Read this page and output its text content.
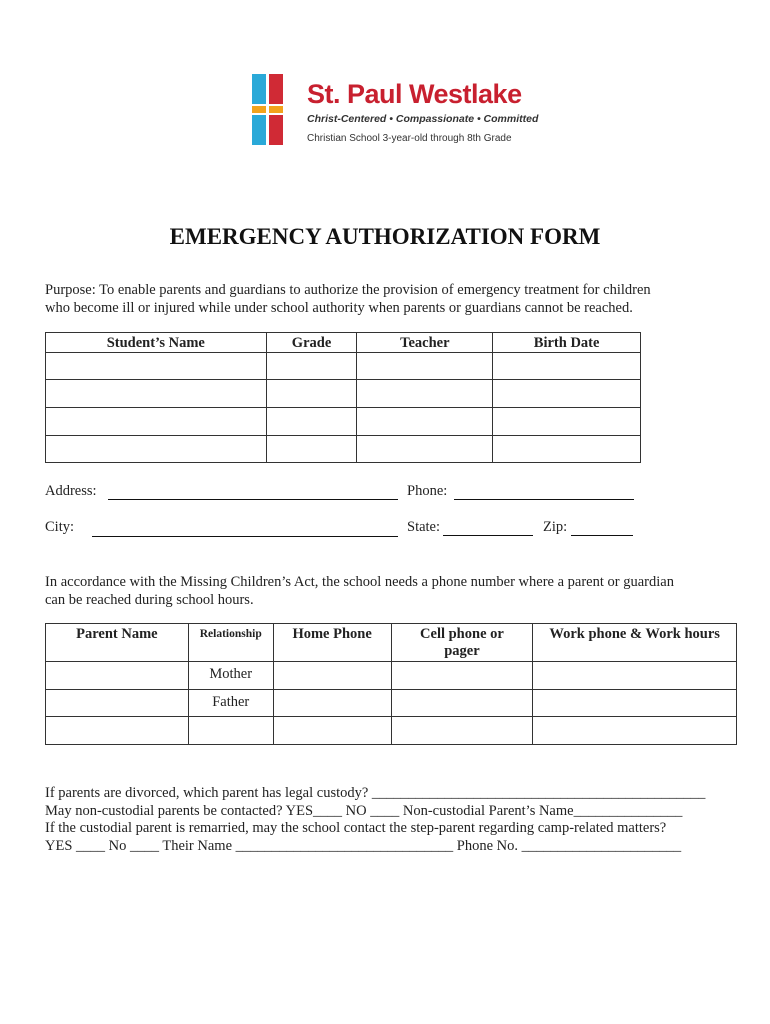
St. Paul Westlake
Christ-Centered • Compassionate • Committed
Christian School 3-year-old through 8th Grade
EMERGENCY AUTHORIZATION FORM
Purpose: To enable parents and guardians to authorize the provision of emergency treatment for children
who become ill or injured while under school authority when parents or guardians cannot be reached.
Student’s Name	Grade	Teacher	Birth Date

Address:	Phone:
City:	State:	Zip:
In accordance with the Missing Children’s Act, the school needs a phone number where a parent or guardian
can be reached during school hours.
Parent Name	Relationship	Home Phone	Cell phone or pager	Work phone & Work hours
	Mother			
	Father			

If parents are divorced, which parent has legal custody? ______________________________________________
May non-custodial parents be contacted? YES____ NO ____ Non-custodial Parent’s Name_______________
If the custodial parent is remarried, may the school contact the step-parent regarding camp-related matters?
YES ____ No ____ Their Name ______________________________ Phone No. ______________________
